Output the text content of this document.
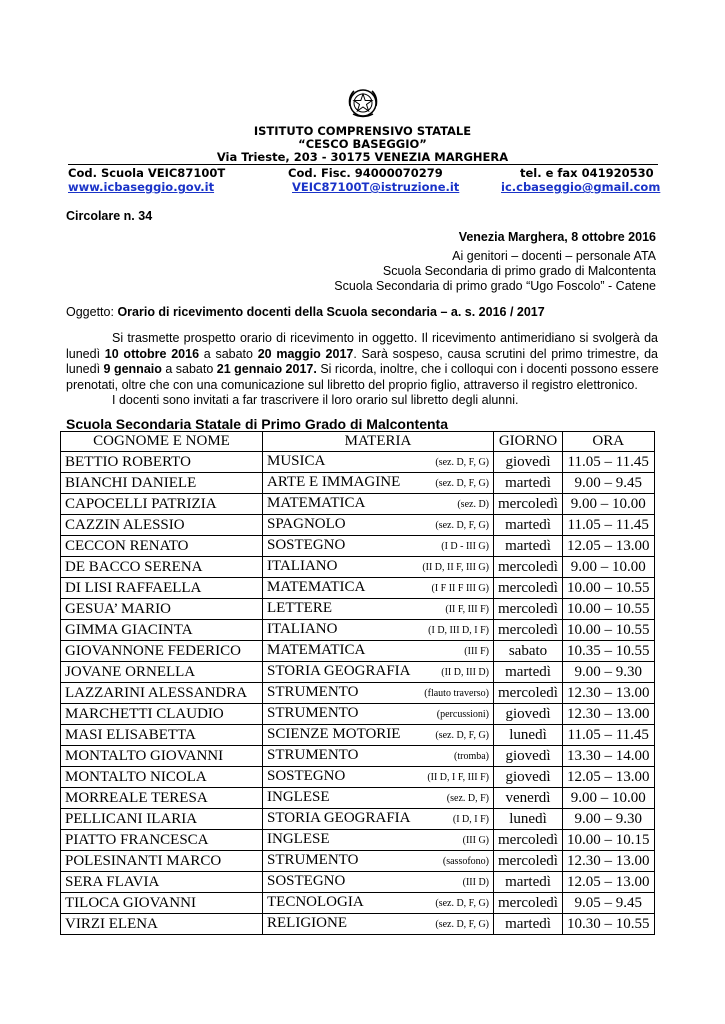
ISTITUTO COMPRENSIVO STATALE
“CESCO BASEGGIO”
Via Trieste, 203 - 30175 VENEZIA MARGHERA
Cod. Scuola VEIC87100T	Cod. Fisc. 94000070279	tel. e fax 041920530
www.icbaseggio.gov.it	VEIC87100T@istruzione.it	ic.cbaseggio@gmail.com
Circolare n. 34
Venezia Marghera, 8 ottobre 2016
Ai genitori – docenti – personale ATA
Scuola Secondaria di primo grado di Malcontenta
Scuola Secondaria di primo grado “Ugo Foscolo” - Catene
Oggetto: Orario di ricevimento docenti della Scuola secondaria – a. s. 2016 / 2017
Si trasmette prospetto orario di ricevimento in oggetto. Il ricevimento antimeridiano si svolgerà da
lunedì 10 ottobre 2016 a sabato 20 maggio 2017. Sarà sospeso, causa scrutini del primo trimestre, da
lunedì 9 gennaio a sabato 21 gennaio 2017. Si ricorda, inoltre, che i colloqui con i docenti possono essere
prenotati, oltre che con una comunicazione sul libretto del proprio figlio, attraverso il registro elettronico.
I docenti sono invitati a far trascrivere il loro orario sul libretto degli alunni.
Scuola Secondaria Statale di Primo Grado di Malcontenta
COGNOME E NOME	MATERIA	GIORNO	ORA
BETTIO ROBERTO	MUSICA (sez. D, F, G)	giovedì	11.05 – 11.45
BIANCHI DANIELE	ARTE E IMMAGINE (sez. D, F, G)	martedì	9.00 – 9.45
CAPOCELLI PATRIZIA	MATEMATICA (sez. D)	mercoledì	9.00 – 10.00
CAZZIN ALESSIO	SPAGNOLO (sez. D, F, G)	martedì	11.05 – 11.45
CECCON RENATO	SOSTEGNO (I D - III G)	martedì	12.05 – 13.00
DE BACCO SERENA	ITALIANO (II D, II F, III G)	mercoledì	9.00 – 10.00
DI LISI RAFFAELLA	MATEMATICA (I F II F III G)	mercoledì	10.00 – 10.55
GESUA’ MARIO	LETTERE (II F, III F)	mercoledì	10.00 – 10.55
GIMMA GIACINTA	ITALIANO (I D, III D, I F)	mercoledì	10.00 – 10.55
GIOVANNONE FEDERICO	MATEMATICA (III F)	sabato	10.35 – 10.55
JOVANE ORNELLA	STORIA GEOGRAFIA (II D, III D)	martedì	9.00 – 9.30
LAZZARINI ALESSANDRA	STRUMENTO (flauto traverso)	mercoledì	12.30 – 13.00
MARCHETTI CLAUDIO	STRUMENTO (percussioni)	giovedì	12.30 – 13.00
MASI ELISABETTA	SCIENZE MOTORIE (sez. D, F, G)	lunedì	11.05 – 11.45
MONTALTO GIOVANNI	STRUMENTO (tromba)	giovedì	13.30 – 14.00
MONTALTO NICOLA	SOSTEGNO (II D, I F, III F)	giovedì	12.05 – 13.00
MORREALE TERESA	INGLESE (sez. D, F)	venerdì	9.00 – 10.00
PELLICANI ILARIA	STORIA GEOGRAFIA (I D, I F)	lunedì	9.00 – 9.30
PIATTO FRANCESCA	INGLESE (III G)	mercoledì	10.00 – 10.15
POLESINANTI MARCO	STRUMENTO (sassofono)	mercoledì	12.30 – 13.00
SERA FLAVIA	SOSTEGNO (III D)	martedì	12.05 – 13.00
TILOCA GIOVANNI	TECNOLOGIA (sez. D, F, G)	mercoledì	9.05 – 9.45
VIRZI ELENA	RELIGIONE (sez. D, F, G)	martedì	10.30 – 10.55
